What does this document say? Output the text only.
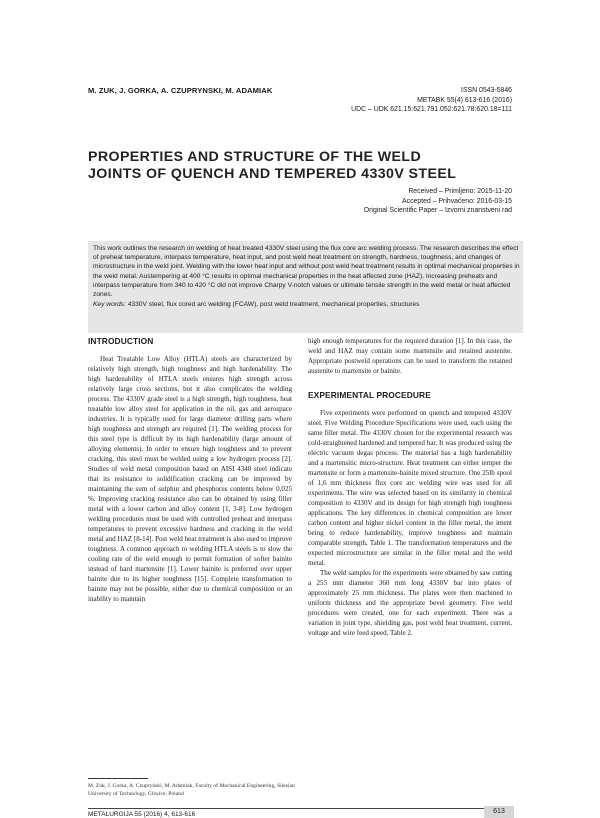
M. ZUK, J. GORKA, A. CZUPRYNSKI, M. ADAMIAK	ISSN 0543-5846
METABK 55(4) 613-616 (2016)
UDC – UDK 621.15:621.791.052:621.78:620.18=111
PROPERTIES AND STRUCTURE OF THE WELD
JOINTS OF QUENCH AND TEMPERED 4330V STEEL
Received – Primljeno: 2015-11-20
Accepted – Prihvaćeno: 2016-03-15
Original Scientific Paper – Izvorni znanstveni rad

This work outlines the research on welding of heat treated 4330V steel using the flux core arc welding process. The research describes the effect of preheat temperature, interpass temperature, heat input, and post weld heat treatment on strength, hardness, toughness, and changes of microstructure in the weld joint. Welding with the lower heat input and without post weld heat treatment results in optimal mechanical properties in the weld metal. Austempering at 400 °C results in optimal mechanical properties in the heat affected zone (HAZ). Increasing preheats and interpass temperature from 340 to 420 °C did not improve Charpy V-notch values or ultimate tensile strength in the weld metal or heat affected zones.

Key words: 4330V steel, flux cored arc welding (FCAW), post weld treatment, mechanical properties, structures

INTRODUCTION

Heat Treatable Low Alloy (HTLA) steels are characterized by relatively high strength, high toughness and high hardenability. The high hardenability of HTLA steels ensures high strength across relatively large cross sections, but it also complicates the welding process. The 4330V grade steel is a high strength, high toughness, heat treatable low alloy steel for application in the oil, gas and aerospace industries. It is typically used for large diameter drilling parts where high toughness and strength are required [1]. The welding process for this steel type is difficult by its high hardenability (large amount of alloying elements). In order to ensure high toughness and to prevent cracking, this steel must be welded using a low hydrogen process [2]. Studies of weld metal composition based on AISI 4340 steel indicate that its resistance to solidification cracking can be improved by maintaining the sum of sulphur and phosphorus contents below 0,025 %. Improving cracking resistance also can be obtained by using filler metal with a lower carbon and alloy content [1, 3-8]. Low hydrogen welding procedures must be used with controlled preheat and interpass temperatures to prevent excessive hardness and cracking in the weld metal and HAZ [8-14]. Post weld heat treatment is also used to improve toughness. A common approach to welding HTLA steels is to slow the cooling rate of the weld enough to permit formation of softer bainite instead of hard martensite [1]. Lower bainite is preferred over upper bainite due to its higher toughness [15]. Complete transformation to bainite may not be possible, either due to chemical composition or an inability to maintain

high enough temperatures for the required duration [1]. In this case, the weld and HAZ may contain some martensite and retained austenite. Appropriate postweld operations can be used to transform the retained austenite to martensite or bainite.

EXPERIMENTAL PROCEDURE

Five experiments were performed on quench and tempered 4330V steel. Five Welding Procedure Specifications were used, each using the same filler metal. The 4330V chosen for the experimental research was cold-straightened hardened and tempered bar. It was produced using the electric vacuum degas process. The material has a high hardenability and a martensitic micro-structure. Heat treatment can either temper the martensite or form a martensite-bainite mixed structure. One 25lb spool of 1,6 mm thickness flux core arc welding wire was used for all experiments. The wire was selected based on its similarity in chemical composition to 4330V and its design for high strength high toughness applications. The key differences in chemical composition are lower carbon content and higher nickel content in the filler metal, the intent being to reduce hardenability, improve toughness and maintain comparable strength, Table 1. The transformation temperatures and the expected microstructure are similar in the filler metal and the weld metal.

The weld samples for the experiments were obtained by saw cutting a 255 mm diameter 360 mm long 4330V bar into plates of approximately 25 mm thickness. The plates were then machined to uniform thickness and the appropriate bevel geometry. Five weld procedures were created, one for each experiment. There was a variation in joint type, shielding gas, post weld heat treatment, current, voltage and wire feed speed, Table 2.

M. Zuk, J. Gorka, A. Czupryński, M. Adamiak, Faculty of Mechanical Engineering, Silesian University of Technology, Gliwice, Poland
METALURGIJA 55 (2016) 4, 613-616	613
